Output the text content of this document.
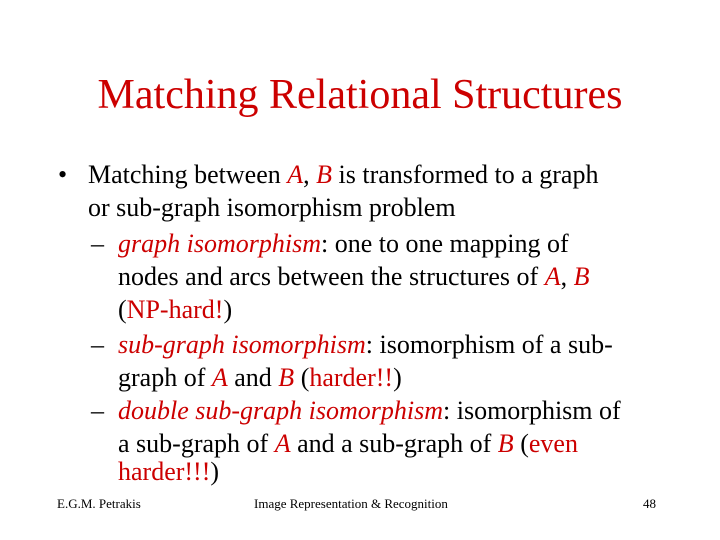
Matching Relational Structures
• Matching between A, B is transformed to a graph
or sub-graph isomorphism problem
– graph isomorphism: one to one mapping of
nodes and arcs between the structures of A, B
(NP-hard!)
– sub-graph isomorphism: isomorphism of a sub-
graph of A and B (harder!!)
– double sub-graph isomorphism: isomorphism of
a sub-graph of A and a sub-graph of B (even
harder!!!)
E.G.M. Petrakis	Image Representation & Recognition	48
